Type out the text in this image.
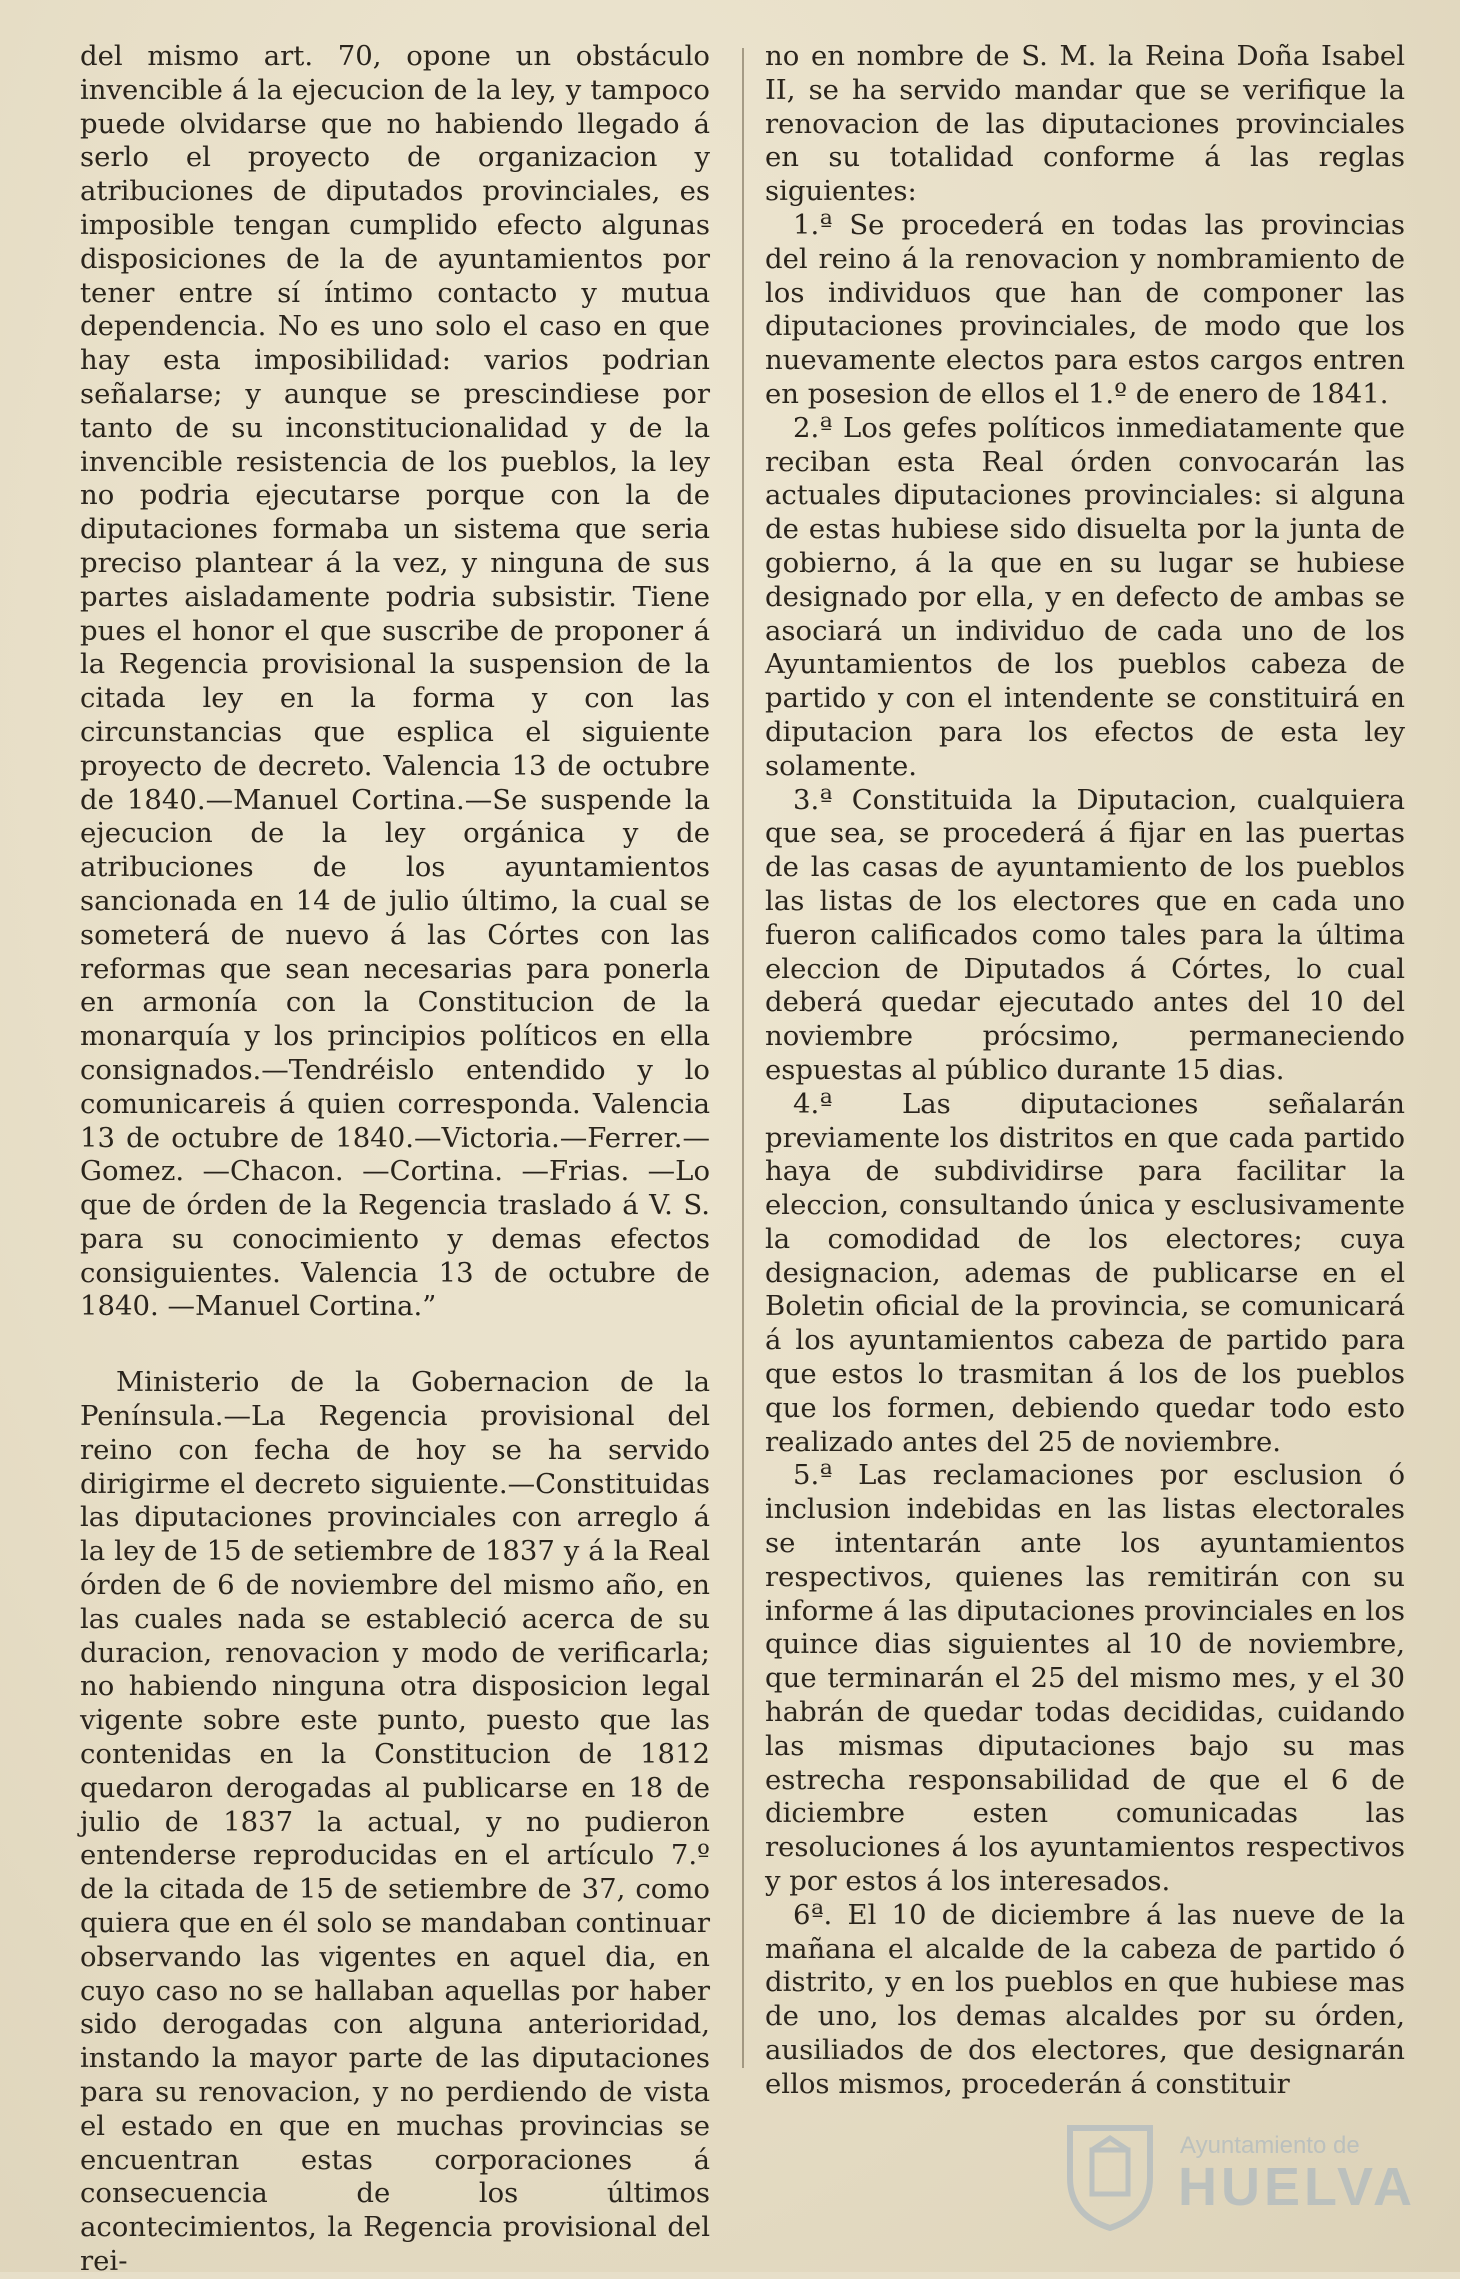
del mismo art. 70, opone un obstáculo invencible á la ejecucion de la ley, y tampoco puede olvidarse que no habiendo llegado á serlo el proyecto de organizacion y atribuciones de diputados provinciales, es imposible tengan cumplido efecto algunas disposiciones de la de ayuntamientos por tener entre sí íntimo contacto y mutua dependencia. No es uno solo el caso en que hay esta imposibilidad: varios podrian señalarse; y aunque se prescindiese por tanto de su inconstitucionalidad y de la invencible resistencia de los pueblos, la ley no podria ejecutarse porque con la de diputaciones formaba un sistema que seria preciso plantear á la vez, y ninguna de sus partes aisladamente podria subsistir. Tiene pues el honor el que suscribe de proponer á la Regencia provisional la suspension de la citada ley en la forma y con las circunstancias que esplica el siguiente proyecto de decreto. Valencia 13 de octubre de 1840.—Manuel Cortina.—Se suspende la ejecucion de la ley orgánica y de atribuciones de los ayuntamientos sancionada en 14 de julio último, la cual se someterá de nuevo á las Córtes con las reformas que sean necesarias para ponerla en armonía con la Constitucion de la monarquía y los principios políticos en ella consignados.—Tendréislo entendido y lo comunicareis á quien corresponda. Valencia 13 de octubre de 1840.—Victoria.—Ferrer.—Gomez. —Chacon. —Cortina. —Frias. —Lo que de órden de la Regencia traslado á V. S. para su conocimiento y demas efectos consiguientes. Valencia 13 de octubre de 1840. —Manuel Cortina.”

Ministerio de la Gobernacion de la Península.—La Regencia provisional del reino con fecha de hoy se ha servido dirigirme el decreto siguiente.—Constituidas las diputaciones provinciales con arreglo á la ley de 15 de setiembre de 1837 y á la Real órden de 6 de noviembre del mismo año, en las cuales nada se estableció acerca de su duracion, renovacion y modo de verificarla; no habiendo ninguna otra disposicion legal vigente sobre este punto, puesto que las contenidas en la Constitucion de 1812 quedaron derogadas al publicarse en 18 de julio de 1837 la actual, y no pudieron entenderse reproducidas en el artículo 7.º de la citada de 15 de setiembre de 37, como quiera que en él solo se mandaban continuar observando las vigentes en aquel dia, en cuyo caso no se hallaban aquellas por haber sido derogadas con alguna anterioridad, instando la mayor parte de las diputaciones para su renovacion, y no perdiendo de vista el estado en que en muchas provincias se encuentran estas corporaciones á consecuencia de los últimos acontecimientos, la Regencia provisional del rei-

no en nombre de S. M. la Reina Doña Isabel II, se ha servido mandar que se verifique la renovacion de las diputaciones provinciales en su totalidad conforme á las reglas siguientes:

1.ª Se procederá en todas las provincias del reino á la renovacion y nombramiento de los individuos que han de componer las diputaciones provinciales, de modo que los nuevamente electos para estos cargos entren en posesion de ellos el 1.º de enero de 1841.

2.ª Los gefes políticos inmediatamente que reciban esta Real órden convocarán las actuales diputaciones provinciales: si alguna de estas hubiese sido disuelta por la junta de gobierno, á la que en su lugar se hubiese designado por ella, y en defecto de ambas se asociará un individuo de cada uno de los Ayuntamientos de los pueblos cabeza de partido y con el intendente se constituirá en diputacion para los efectos de esta ley solamente.

3.ª Constituida la Diputacion, cualquiera que sea, se procederá á fijar en las puertas de las casas de ayuntamiento de los pueblos las listas de los electores que en cada uno fueron calificados como tales para la última eleccion de Diputados á Córtes, lo cual deberá quedar ejecutado antes del 10 del noviembre prócsimo, permaneciendo espuestas al público durante 15 dias.

4.ª Las diputaciones señalarán previamente los distritos en que cada partido haya de subdividirse para facilitar la eleccion, consultando única y esclusivamente la comodidad de los electores; cuya designacion, ademas de publicarse en el Boletin oficial de la provincia, se comunicará á los ayuntamientos cabeza de partido para que estos lo trasmitan á los de los pueblos que los formen, debiendo quedar todo esto realizado antes del 25 de noviembre.

5.ª Las reclamaciones por esclusion ó inclusion indebidas en las listas electorales se intentarán ante los ayuntamientos respectivos, quienes las remitirán con su informe á las diputaciones provinciales en los quince dias siguientes al 10 de noviembre, que terminarán el 25 del mismo mes, y el 30 habrán de quedar todas decididas, cuidando las mismas diputaciones bajo su mas estrecha responsabilidad de que el 6 de diciembre esten comunicadas las resoluciones á los ayuntamientos respectivos y por estos á los interesados.

6ª. El 10 de diciembre á las nueve de la mañana el alcalde de la cabeza de partido ó distrito, y en los pueblos en que hubiese mas de uno, los demas alcaldes por su órden, ausiliados de dos electores, que designarán ellos mismos, procederán á constituir

Ayuntamiento de
HUELVA
